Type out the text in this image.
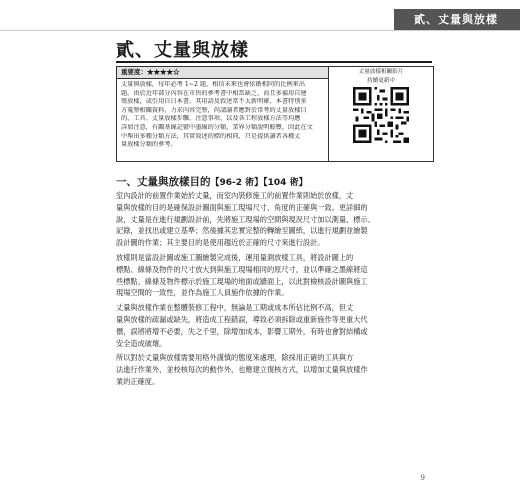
貳、丈量與放樣
貳、丈量與放樣
重要度：★★★★☆
丈量與放樣，每年必考 1~2 題，相信未來也會依循相同的比例來出
題。由於近年部分內容在市售的參考書中相當缺乏，而且多備用自建
築放樣，或引用自日本書，其用語及敘述常不太新明確，本書特別多
方蒐整相關資料，力求內容完整，尚請讀者應對於常考的丈量放樣目
的、工具、丈量放樣步驟、注意事項、以及各工程放樣方法等均應
詳加注意，有關基線記號中墨線的分類，業界分類說明較豐，因此在文
中舉出多種分類方法，其實敘述的標的相同，只是提供讀者各種丈
量放樣分類的參考。
丈量放樣相關影片
持續更新中
一、丈量與放樣目的【96-2 術】【104 術】
室內設計的前置作業始於丈量，而室內裝修施工的前置作業則始於放樣，丈
量與放樣的目的是確保設計圖面與施工現場尺寸、角度的正確與一致。更詳細的
說，丈量是在進行規劃設計前，先將施工現場的空間與現況尺寸加以測量、標示、
記錄，並找出或建立基準；然後據其忠實完整的轉繪至圖紙，以進行規劃並繪製
設計圖的作業；其主要目的是使用趨近於正確的尺寸來進行設計。
放樣則是當設計圖或施工圖繪製完成後，運用量測放樣工具，將設計圖上的
標點、線條及物件的尺寸放大到與施工現場相同的原尺寸，並以準確之墨線將這
些標點、線條及物件標示於施工現場的地面或牆面上，以此對檢核設計圖與施工
現場空間的一致性，並作為施工人員施作依據的作業。
丈量與放樣作業在整體裝修工程中，無論是工期或成本所佔比例不高，但丈
量與放樣的疏漏或缺失，將造成工程錯誤，導致必須拆除或重新施作等更重大代
價，誤將將增不必要，失之千里，除增加成本，影響工期外，有時也會對結構或
安全造成破壞。
所以對於丈量與放樣需要用格外謹慎的態度來處理，除採用正確的工具與方
法進行作業外，並校核每次的動作外，也應建立復核方式，以增加丈量與放樣作
業的正確度。
9
